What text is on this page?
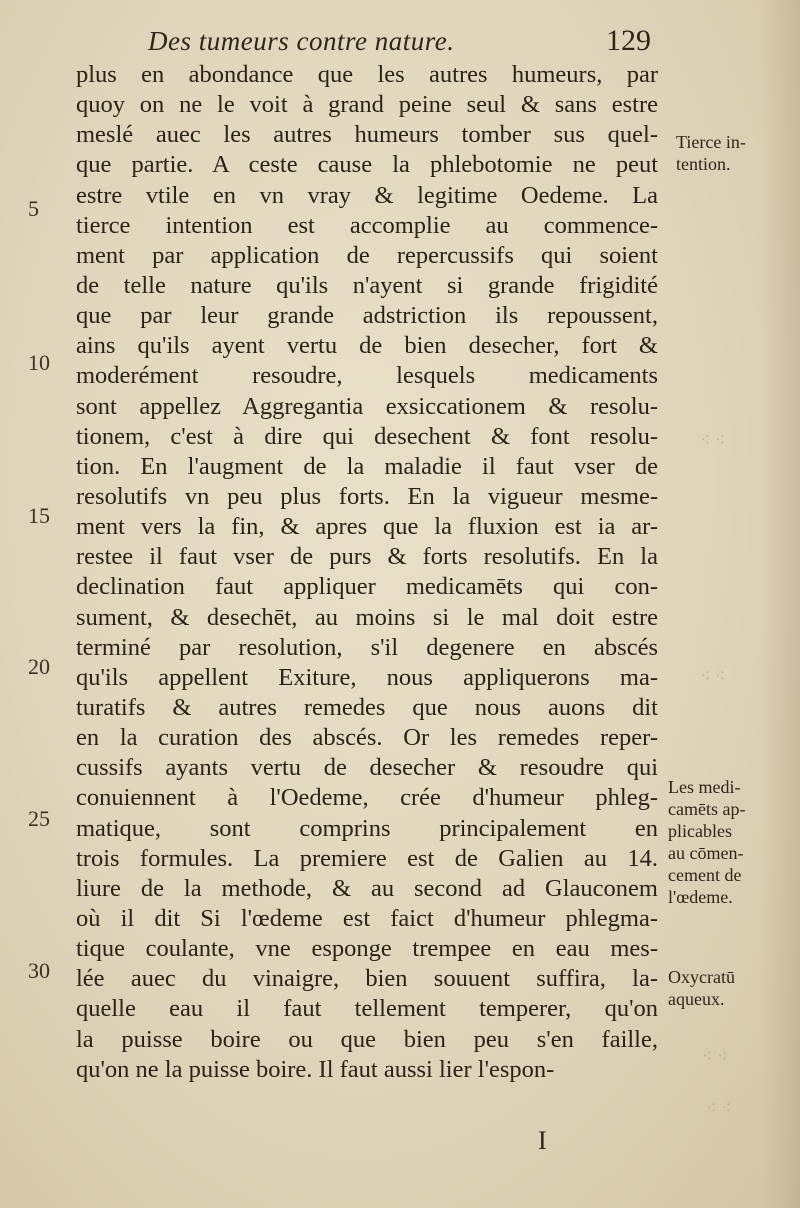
Des tumeurs contre nature.	129
5
10
15
20
25
30
plus en abondance que les autres humeurs, par
quoy on ne le voit à grand peine seul & sans estre
meslé auec les autres humeurs tomber sus quel-
que partie. A ceste cause la phlebotomie ne peut
estre vtile en vn vray & legitime Oedeme. La
tierce intention est accomplie au commence-
ment par application de repercussifs qui soient
de telle nature qu'ils n'ayent si grande frigidité
que par leur grande adstriction ils repoussent,
ains qu'ils ayent vertu de bien desecher, fort &
moderément resoudre, lesquels medicaments
sont appellez Aggregantia exsiccationem & resolu-
tionem, c'est à dire qui desechent & font resolu-
tion. En l'augment de la maladie il faut vser de
resolutifs vn peu plus forts. En la vigueur mesme-
ment vers la fin, & apres que la fluxion est ia ar-
restee il faut vser de purs & forts resolutifs. En la
declination faut appliquer medicamēts qui con-
sument, & desechēt, au moins si le mal doit estre
terminé par resolution, s'il degenere en abscés
qu'ils appellent Exiture, nous appliquerons ma-
turatifs & autres remedes que nous auons dit
en la curation des abscés. Or les remedes reper-
cussifs ayants vertu de desecher & resoudre qui
conuiennent à l'Oedeme, crée d'humeur phleg-
matique, sont comprins principalement en
trois formules. La premiere est de Galien au 14.
liure de la methode, & au second ad Glauconem
où il dit Si l'œdeme est faict d'humeur phlegma-
tique coulante, vne esponge trempee en eau mes-
lée auec du vinaigre, bien souuent suffira, la-
quelle eau il faut tellement temperer, qu'on
la puisse boire ou que bien peu s'en faille,
qu'on ne la puisse boire. Il faut aussi lier l'espon-
Tierce in-
tention.
Les medi-
camēts ap-
plicables
au cōmen-
cement de
l'œdeme.
Oxycratū
aqueux.
⁖ ⁖
⁖ ⁖
⁖ ⁖
⁖ ⁖
I
